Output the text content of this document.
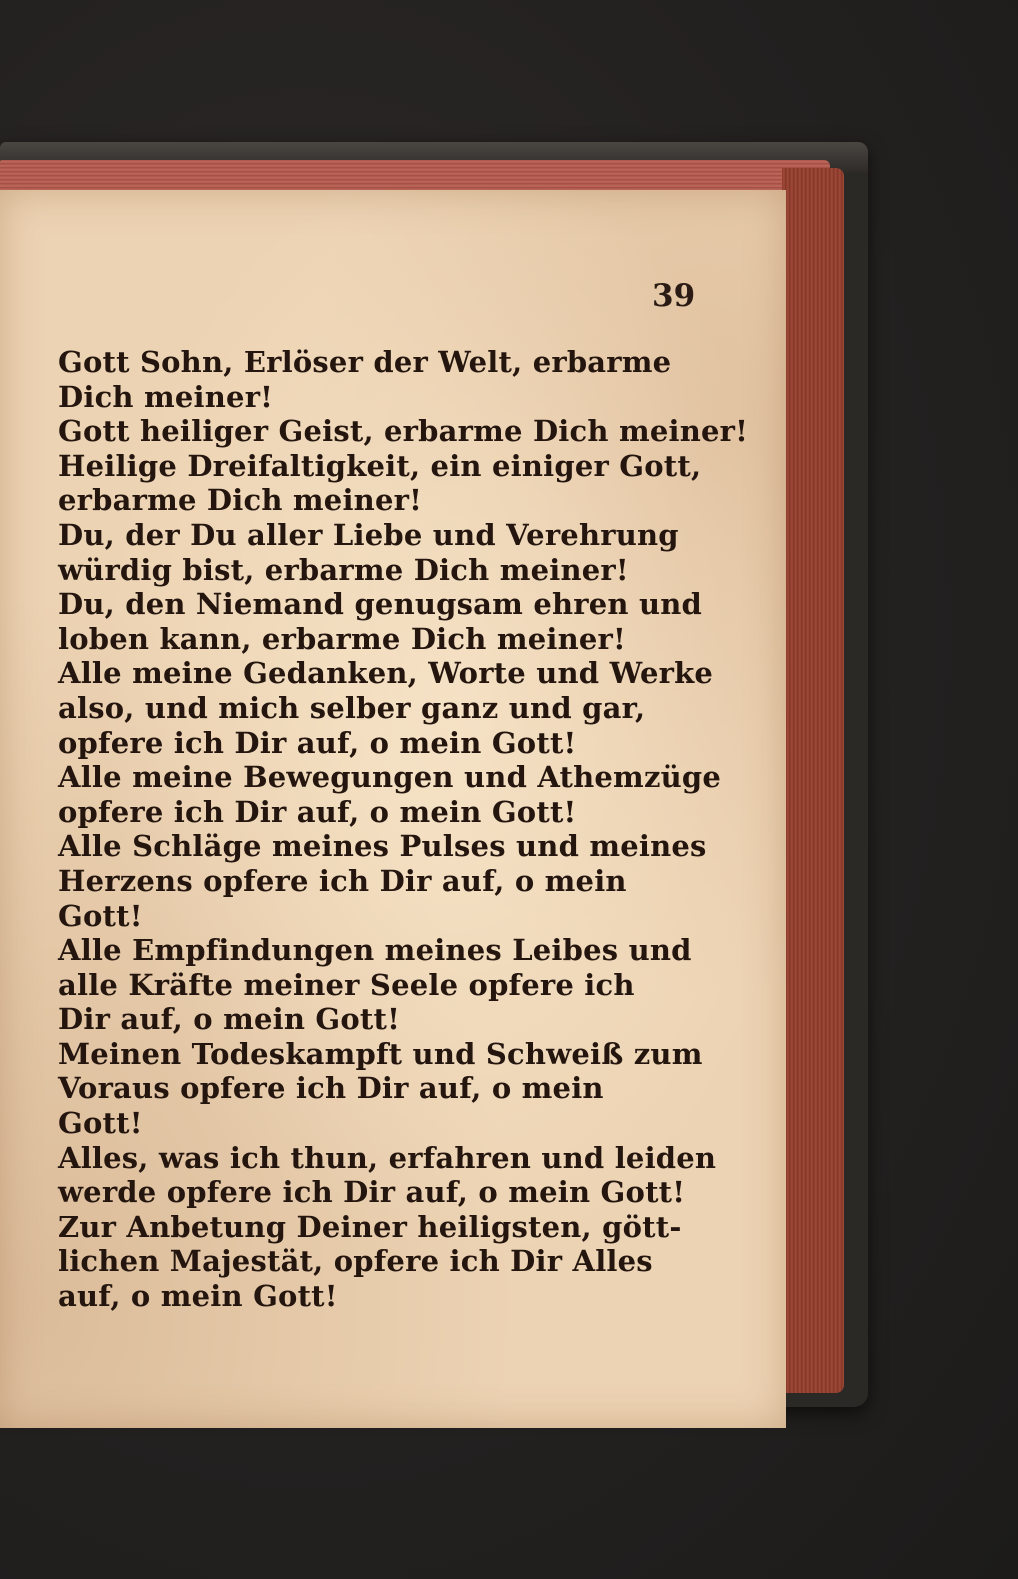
39

Gott Sohn, Erlöser der Welt, erbarme
Dich meiner!

Gott heiliger Geist, erbarme Dich meiner!

Heilige Dreifaltigkeit, ein einiger Gott,
erbarme Dich meiner!

Du, der Du aller Liebe und Verehrung
würdig bist, erbarme Dich meiner!

Du, den Niemand genugsam ehren und
loben kann, erbarme Dich meiner!

Alle meine Gedanken, Worte und Werke
also, und mich selber ganz und gar,
opfere ich Dir auf, o mein Gott!

Alle meine Bewegungen und Athemzüge
opfere ich Dir auf, o mein Gott!

Alle Schläge meines Pulses und meines
Herzens opfere ich Dir auf, o mein
Gott!

Alle Empfindungen meines Leibes und
alle Kräfte meiner Seele opfere ich
Dir auf, o mein Gott!

Meinen Todeskampft und Schweiß zum
Voraus opfere ich Dir auf, o mein
Gott!

Alles, was ich thun, erfahren und leiden
werde opfere ich Dir auf, o mein Gott!

Zur Anbetung Deiner heiligsten, gött-
lichen Majestät, opfere ich Dir Alles
auf, o mein Gott!
